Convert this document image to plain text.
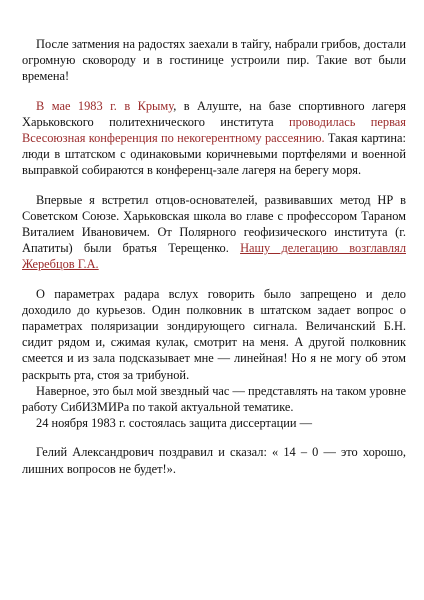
После затмения на радостях заехали в тайгу, набрали грибов, достали огромную сковороду и в гостинице устроили пир. Такие вот были времена!

В мае 1983 г. в Крыму, в Алуште, на базе спортивного лагеря Харьковского политехнического института проводилась первая Всесоюзная конференция по некогерентному рассеянию. Такая картина: люди в штатском с одинаковыми коричневыми портфелями и военной выправкой собираются в конференц-зале лагеря на берегу моря.

Впервые я встретил отцов-основателей, развивавших метод НР в Советском Союзе. Харьковская школа во главе с профессором Тараном Виталием Ивановичем. От Полярного геофизического института (г. Апатиты) были братья Терещенко. Нашу делегацию возглавлял Жеребцов Г.А.

О параметрах радара вслух говорить было запрещено и дело доходило до курьезов. Один полковник в штатском задает вопрос о параметрах поляризации зондирующего сигнала. Величанский Б.Н. сидит рядом и, сжимая кулак, смотрит на меня. А другой полковник смеется и из зала подсказывает мне — линейная! Но я не могу об этом раскрыть рта, стоя за трибуной.

Наверное, это был мой звездный час — представлять на таком уровне работу СибИЗМИРа по такой актуальной тематике.

24 ноября 1983 г. состоялась защита диссертации —

Гелий Александрович поздравил и сказал: « 14 – 0 — это хорошо, лишних вопросов не будет!».
